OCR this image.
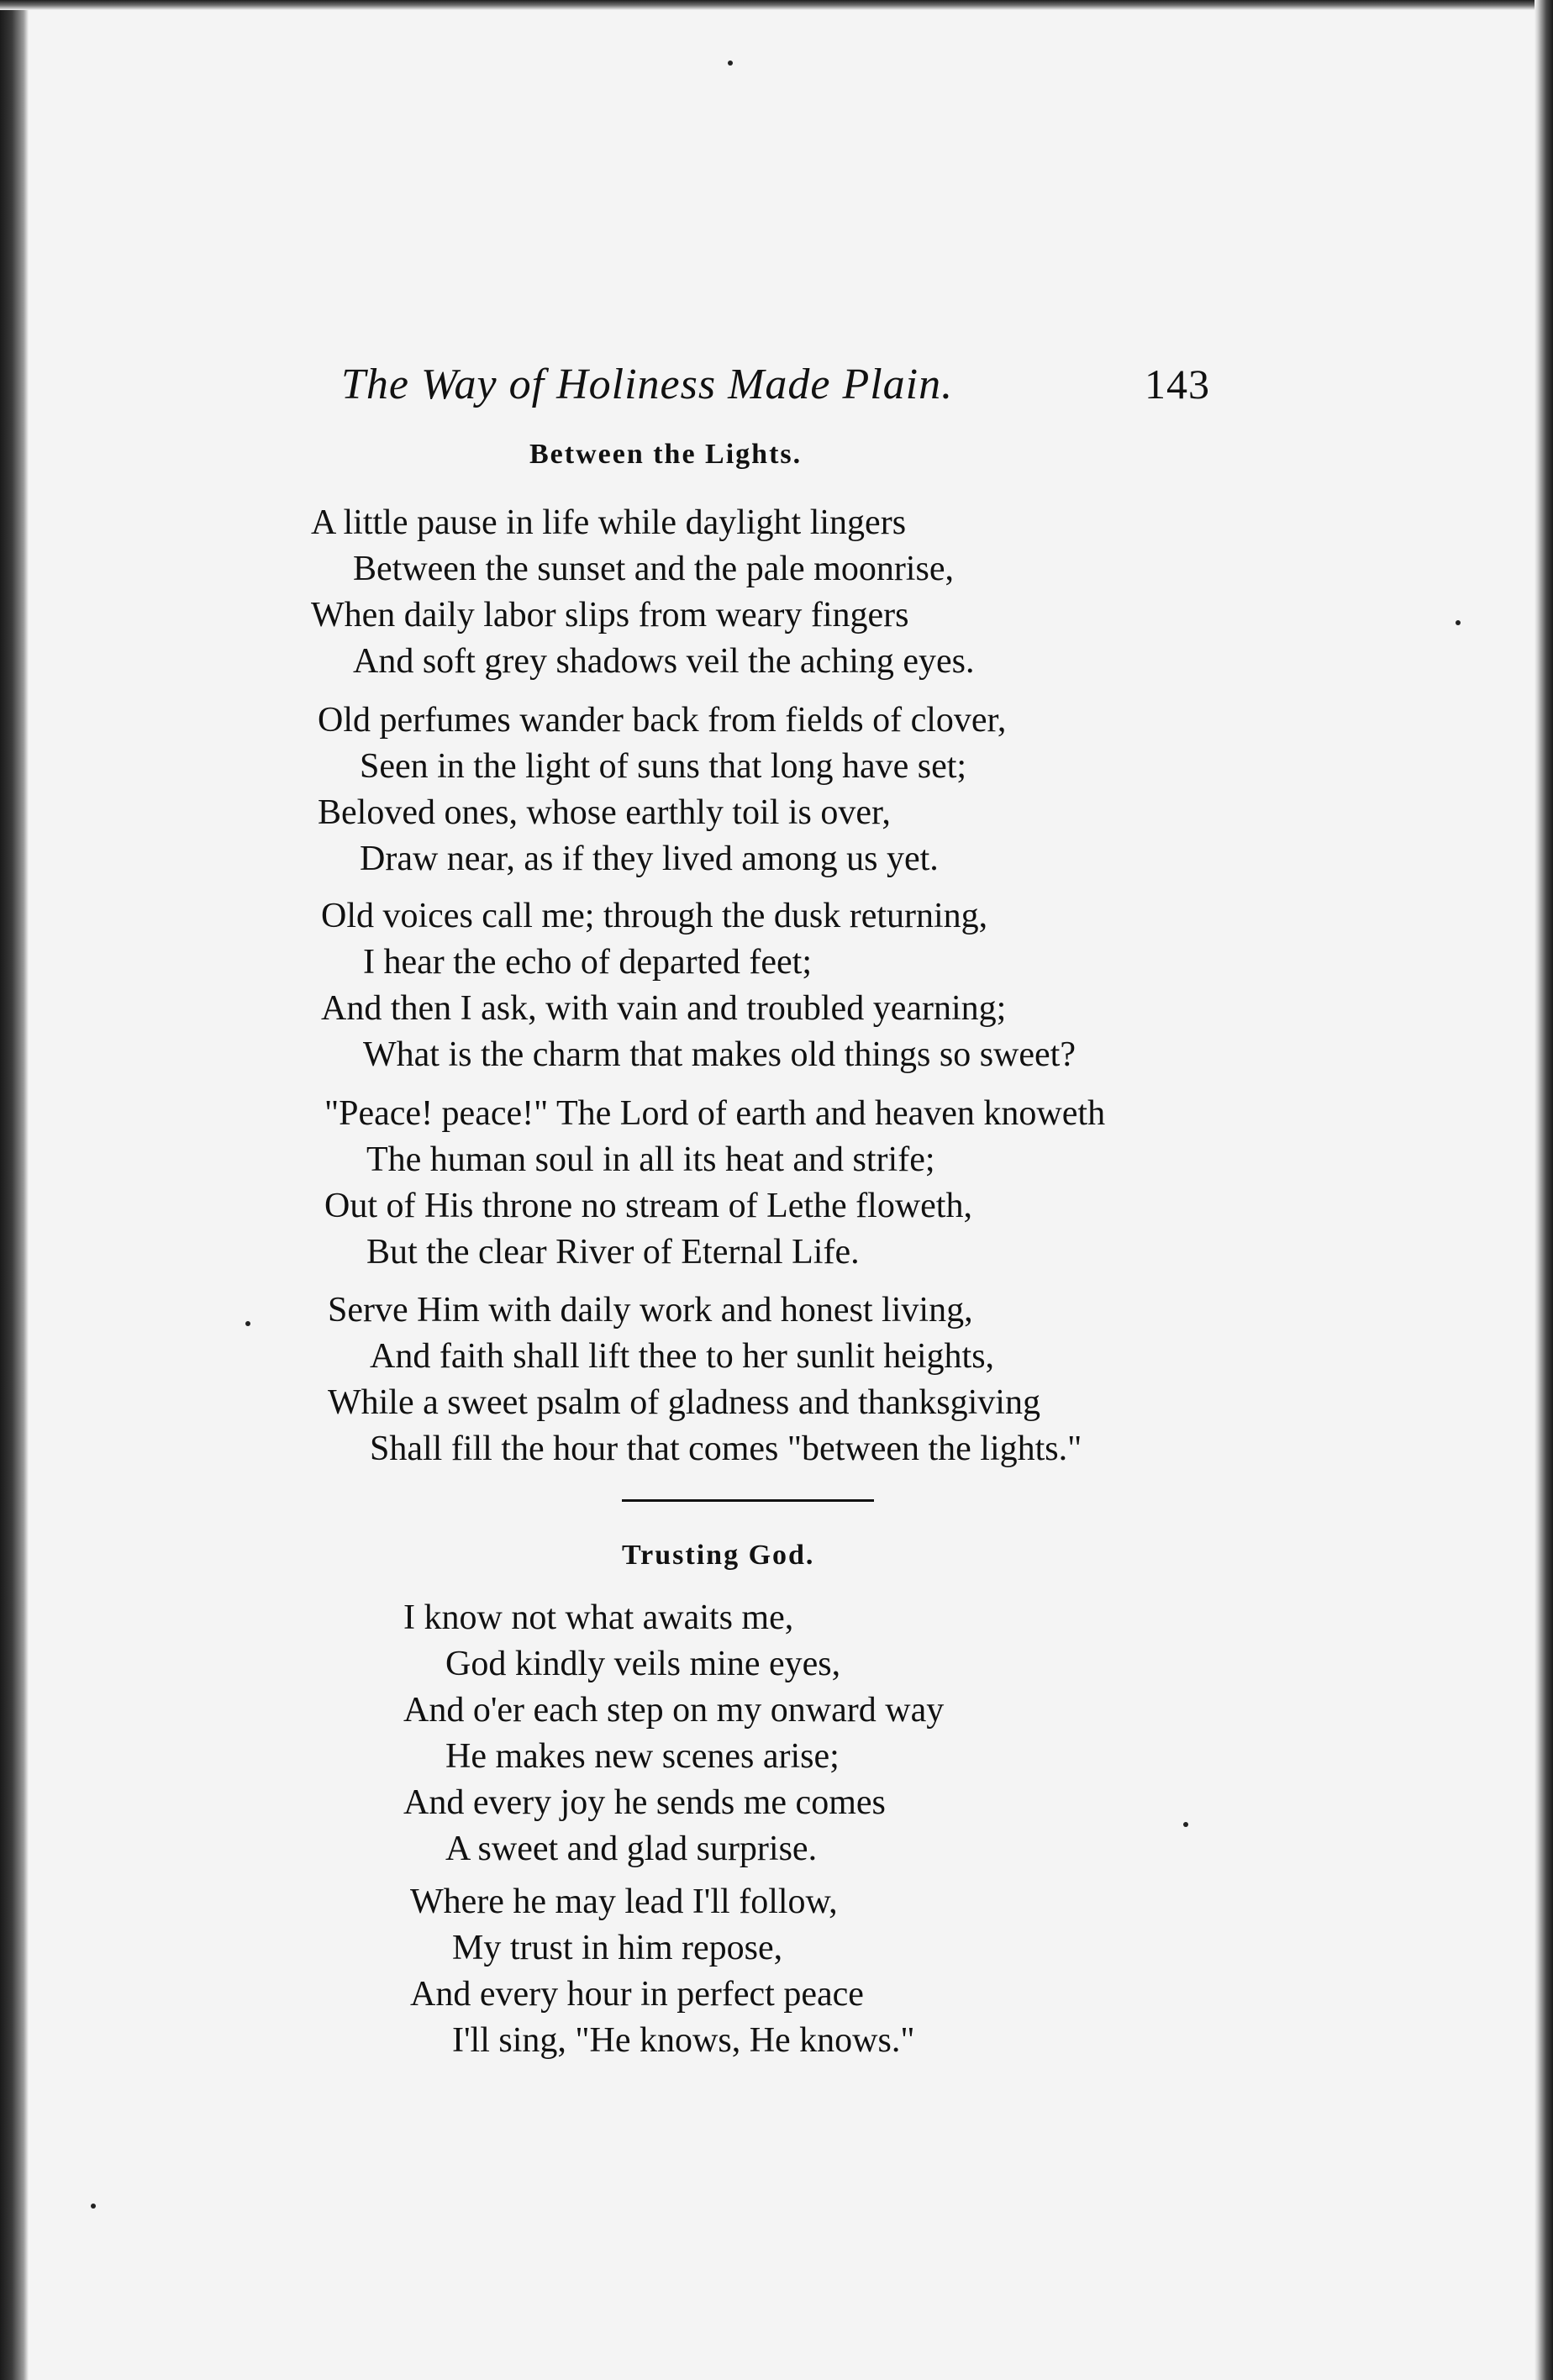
The Way of Holiness Made Plain.	143
Between the Lights.
A little pause in life while daylight lingers
Between the sunset and the pale moonrise,
When daily labor slips from weary fingers
And soft grey shadows veil the aching eyes.
Old perfumes wander back from fields of clover,
Seen in the light of suns that long have set;
Beloved ones, whose earthly toil is over,
Draw near, as if they lived among us yet.
Old voices call me; through the dusk returning,
I hear the echo of departed feet;
And then I ask, with vain and troubled yearning;
What is the charm that makes old things so sweet?
"Peace! peace!" The Lord of earth and heaven knoweth
The human soul in all its heat and strife;
Out of His throne no stream of Lethe floweth,
But the clear River of Eternal Life.
Serve Him with daily work and honest living,
And faith shall lift thee to her sunlit heights,
While a sweet psalm of gladness and thanksgiving
Shall fill the hour that comes "between the lights."
Trusting God.
I know not what awaits me,
God kindly veils mine eyes,
And o'er each step on my onward way
He makes new scenes arise;
And every joy he sends me comes
A sweet and glad surprise.
Where he may lead I'll follow,
My trust in him repose,
And every hour in perfect peace
I'll sing, "He knows, He knows."
